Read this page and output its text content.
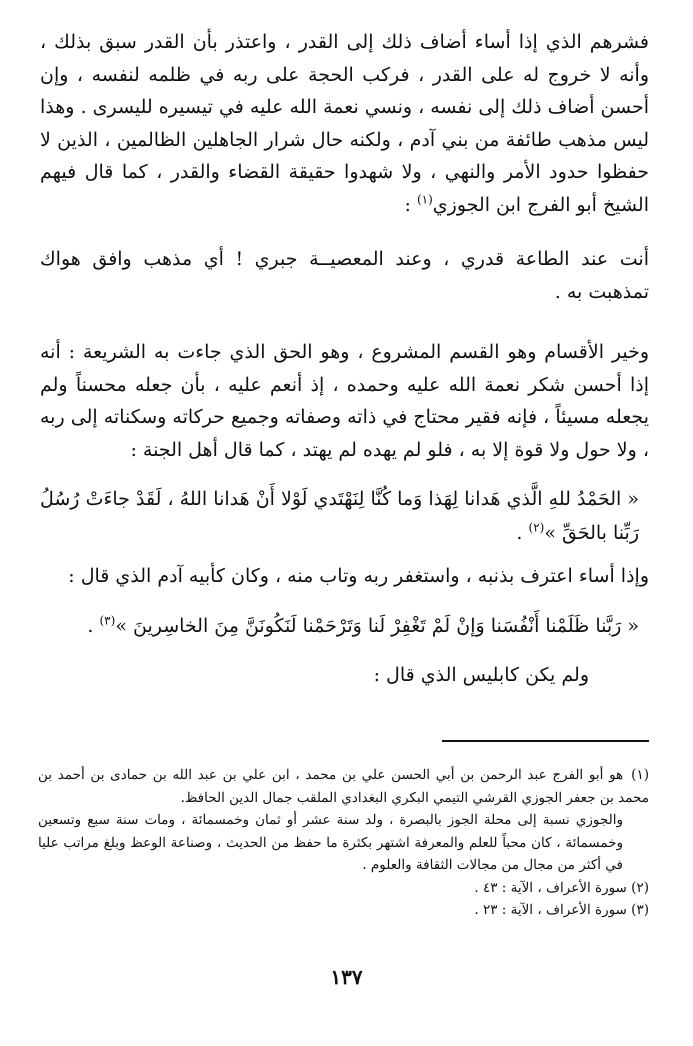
فشرهم الذي إذا أساء أضاف ذلك إلى القدر ، واعتذر بأن القدر سبق بذلك ، وأنه لا خروج له على القدر ، فركب الحجة على ربه في ظلمه لنفسه ، وإن أحسن أضاف ذلك إلى نفسه ، ونسي نعمة الله عليه في تيسيره لليسرى . وهذا ليس مذهب طائفة من بني آدم ، ولكنه حال شرار الجاهلين الظالمين ، الذين لا حفظوا حدود الأمر والنهي ، ولا شهدوا حقيقة القضاء والقدر ، كما قال فيهم الشيخ أبو الفرج ابن الجوزي$^{(١)}$ :

أنت عند الطاعة قدري ، وعند المعصيــة جبري ! أي مذهب وافق هواك تمذهبت به .

وخير الأقسام وهو القسم المشروع ، وهو الحق الذي جاءت به الشريعة : أنه إذا أحسن شكر نعمة الله عليه وحمده ، إذ أنعم عليه ، بأن جعله محسناً ولم يجعله مسيئاً ، فإنه فقير محتاج في ذاته وصفاته وجميع حركاته وسكناته إلى ربه ، ولا حول ولا قوة إلا به ، فلو لم يهده لم يهتد ، كما قال أهل الجنة :

« الحَمْدُ للهِ الَّذي هَدانا لِهَذا وَما كُنَّا لِنَهْتَدي لَوْلا أَنْ هَدانا اللهُ ، لَقَدْ جاءَتْ رُسُلُ رَبِّنا بالحَقِّ »$^{(٢)}$ .

وإذا أساء اعترف بذنبه ، واستغفر ربه وتاب منه ، وكان كأبيه آدم الذي قال :

« رَبَّنا ظَلَمْنا أَنْفُسَنا وَإنْ لَمْ تَغْفِرْ لَنا وَتَرْحَمْنا لَنَكُونَنَّ مِنَ الخاسِرينَ »$^{(٣)}$ .

ولم يكن كابليس الذي قال :

(١)هو أبو الفرج عبد الرحمن بن أبي الحسن علي بن محمد ، ابن علي بن عبد الله بن حمادى بن أحمد بن محمد بن جعفر الجوزي القرشي التيمي البكري البغدادي الملقب جمال الدين الحافظ.

والجوزي نسبة إلى محلة الجوز بالبصرة ، ولد سنة عشر أو ثمان وخمسمائة ، ومات سنة سبع وتسعين وخمسمائة ، كان محباً للعلم والمعرفة اشتهر بكثرة ما حفظ من الحديث ، وصناعة الوعظ وبلغ مراتب عليا في أكثر من مجال من مجالات الثقافة والعلوم .

(٢) سورة الأعراف ، الآية : ٤٣ .

(٣) سورة الأعراف ، الآية : ٢٣ .

١٣٧
